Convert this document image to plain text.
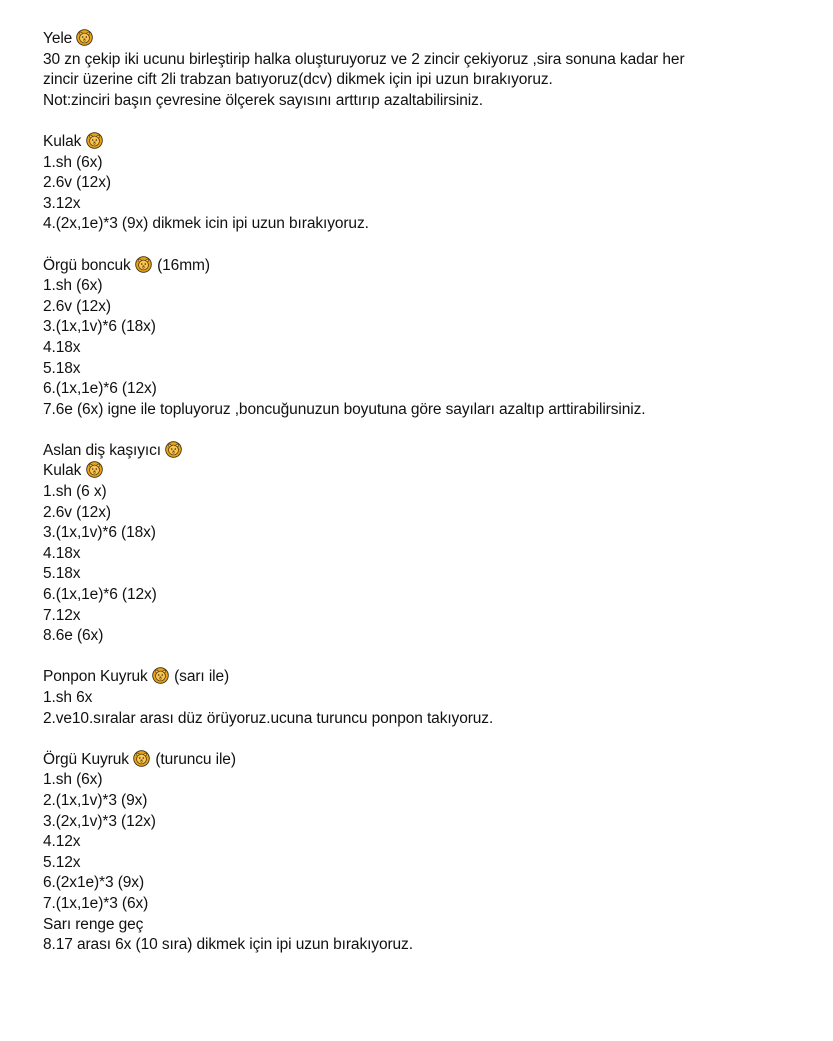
Yele
30 zn çekip iki ucunu birleştirip halka oluşturuyoruz ve 2 zincir çekiyoruz ,sira sonuna kadar her
zincir üzerine cift 2li trabzan batıyoruz(dcv) dikmek için ipi uzun bırakıyoruz.
Not:zinciri başın çevresine ölçerek sayısını arttırıp azaltabilirsiniz.
Kulak
1.sh (6x)
2.6v (12x)
3.12x
4.(2x,1e)*3 (9x) dikmek icin ipi uzun bırakıyoruz.
Örgü boncuk
(16mm)
1.sh (6x)
2.6v (12x)
3.(1x,1v)*6 (18x)
4.18x
5.18x
6.(1x,1e)*6 (12x)
7.6e (6x) igne ile topluyoruz ,boncuğunuzun boyutuna göre sayıları azaltıp arttirabilirsiniz.
Aslan diş kaşıyıcı
Kulak
1.sh (6 x)
2.6v (12x)
3.(1x,1v)*6 (18x)
4.18x
5.18x
6.(1x,1e)*6 (12x)
7.12x
8.6e (6x)
Ponpon Kuyruk (sarı ile)
1.sh 6x
2.ve10.sıralar arası düz örüyoruz.ucuna turuncu ponpon takıyoruz.
Örgü Kuyruk (turuncu ile)
1.sh (6x)
2.(1x,1v)*3 (9x)
3.(2x,1v)*3 (12x)
4.12x
5.12x
6.(2x1e)*3 (9x)
7.(1x,1e)*3 (6x)
Sarı renge geç
8.17 arası 6x (10 sıra) dikmek için ipi uzun bırakıyoruz.
